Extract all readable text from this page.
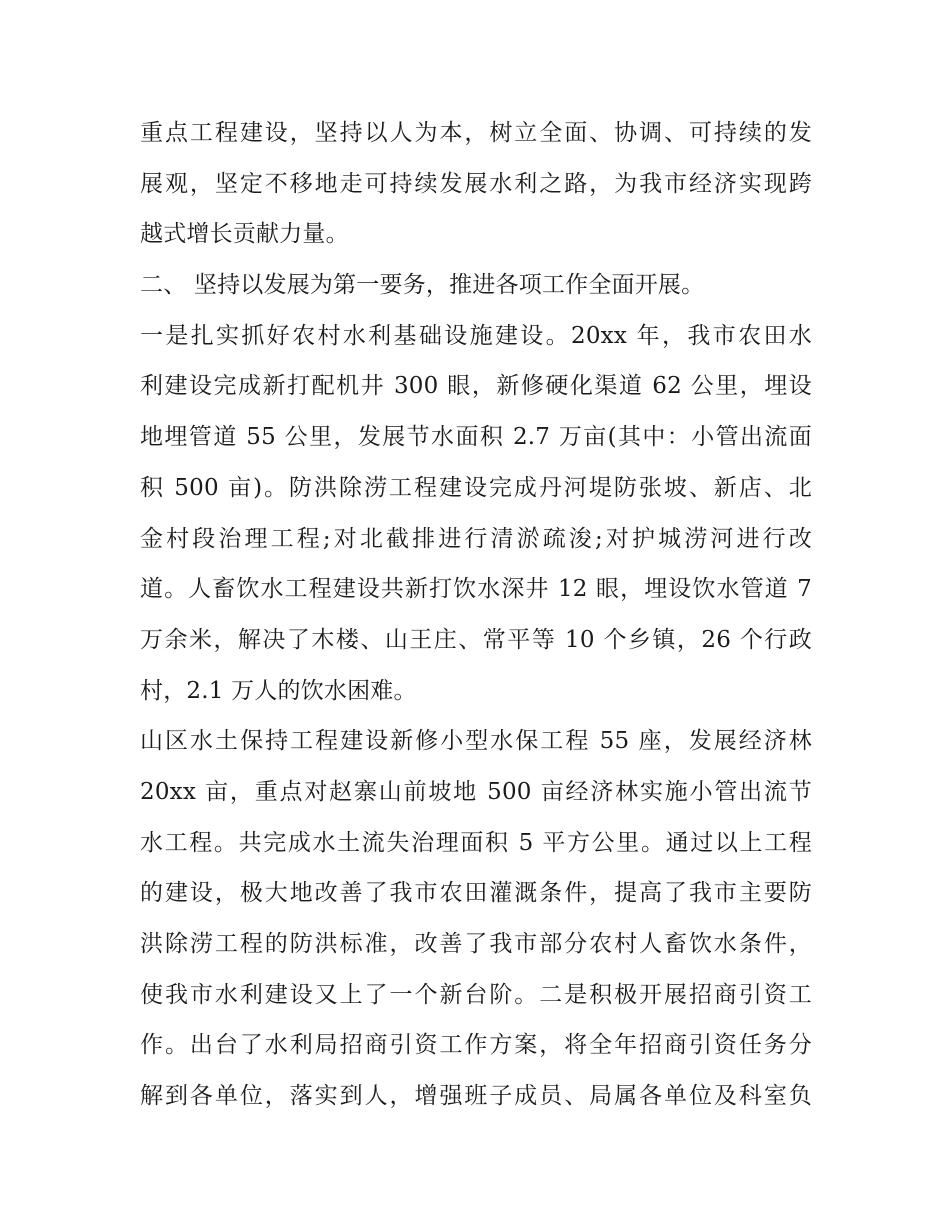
重点工程建设，坚持以人为本，树立全面、协调、可持续的发
展观，坚定不移地走可持续发展水利之路，为我市经济实现跨
越式增长贡献力量。
二、 坚持以发展为第一要务，推进各项工作全面开展。
一是扎实抓好农村水利基础设施建设。20xx 年，我市农田水
利建设完成新打配机井 300 眼，新修硬化渠道 62 公里，埋设
地埋管道 55 公里，发展节水面积 2.7 万亩(其中：小管出流面
积 500 亩)。防洪除涝工程建设完成丹河堤防张坡、新店、北
金村段治理工程;对北截排进行清淤疏浚;对护城涝河进行改
道。人畜饮水工程建设共新打饮水深井 12 眼，埋设饮水管道 7
万余米，解决了木楼、山王庄、常平等 10 个乡镇，26 个行政
村，2.1 万人的饮水困难。
山区水土保持工程建设新修小型水保工程 55 座，发展经济林
20xx 亩，重点对赵寨山前坡地 500 亩经济林实施小管出流节
水工程。共完成水土流失治理面积 5 平方公里。通过以上工程
的建设，极大地改善了我市农田灌溉条件，提高了我市主要防
洪除涝工程的防洪标准，改善了我市部分农村人畜饮水条件，
使我市水利建设又上了一个新台阶。二是积极开展招商引资工
作。出台了水利局招商引资工作方案，将全年招商引资任务分
解到各单位，落实到人，增强班子成员、局属各单位及科室负
